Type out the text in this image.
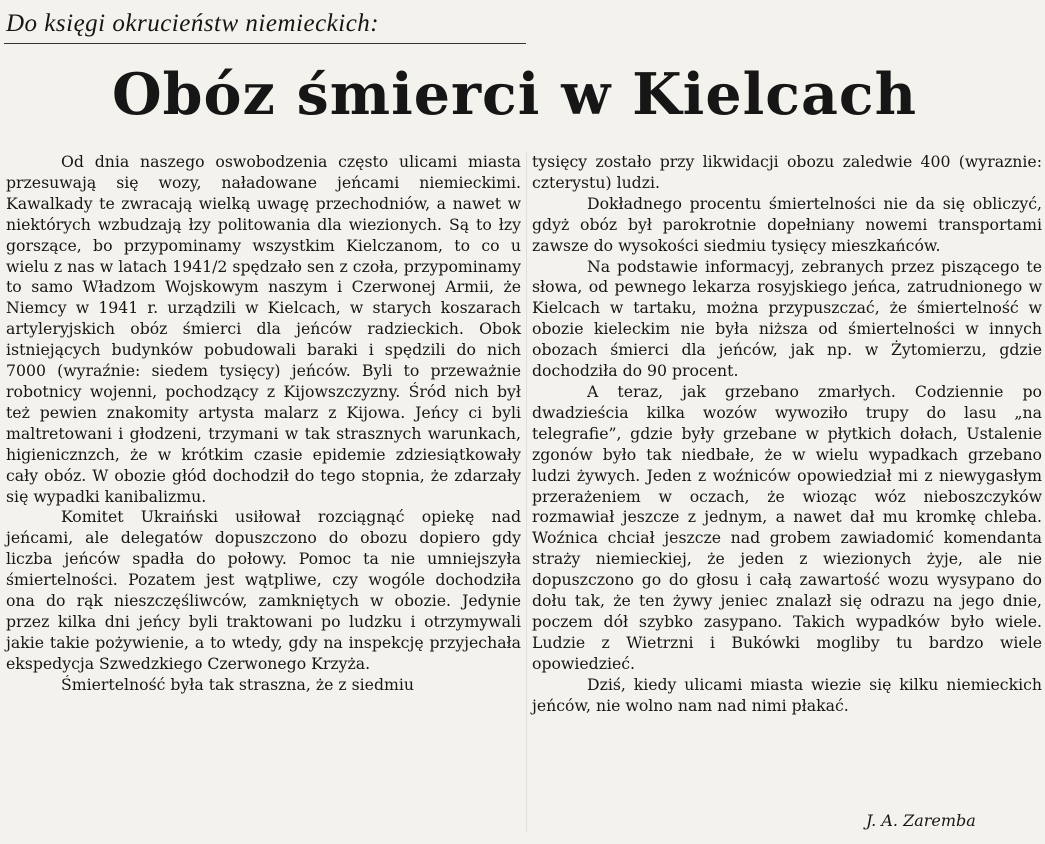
Do księgi okrucieństw niemieckich:
Obóz śmierci w Kielcach

Od dnia naszego oswobodzenia często ulicami miasta przesuwają się wozy, naładowane jeńcami niemieckimi. Kawalkady te zwracają wielką uwagę przechodniów, a nawet w niektórych wzbudzają łzy politowania dla wiezionych. Są to łzy gorszące, bo przypominamy wszystkim Kielczanom, to co u wielu z nas w latach 1941/2 spędzało sen z czoła, przypominamy to samo Władzom Wojskowym naszym i Czerwonej Armii, że Niemcy w 1941 r. urządzili w Kielcach, w starych koszarach artyleryjskich obóz śmierci dla jeńców radzieckich. Obok istniejących budynków pobudowali baraki i spędzili do nich 7000 (wyraźnie: siedem tysięcy) jeńców. Byli to przeważnie robotnicy wojenni, pochodzący z Kijowszczyzny. Śród nich był też pewien znakomity artysta malarz z Kijowa. Jeńcy ci byli maltretowani i głodzeni, trzymani w tak strasznych warunkach, higienicznzch, że w krótkim czasie epidemie zdziesiątkowały cały obóz. W obozie głód dochodził do tego stopnia, że zdarzały się wypadki kanibalizmu.

Komitet Ukraiński usiłował rozciągnąć opiekę nad jeńcami, ale delegatów dopuszczono do obozu dopiero gdy liczba jeńców spadła do połowy. Pomoc ta nie umniejszyła śmiertelności. Pozatem jest wątpliwe, czy wogóle dochodziła ona do rąk nieszczęśliwców, zamkniętych w obozie. Jedynie przez kilka dni jeńcy byli traktowani po ludzku i otrzymywali jakie takie pożywienie, a to wtedy, gdy na inspekcję przyjechała ekspedycja Szwedzkiego Czerwonego Krzyża.

Śmiertelność była tak straszna, że z siedmiu

tysięcy zostało przy likwidacji obozu zaledwie 400 (wyraznie: czterystu) ludzi.

Dokładnego procentu śmiertelności nie da się obliczyć, gdyż obóz był parokrotnie dopełniany nowemi transportami zawsze do wysokości siedmiu tysięcy mieszkańców.

Na podstawie informacyj, zebranych przez piszącego te słowa, od pewnego lekarza rosyjskiego jeńca, zatrudnionego w Kielcach w tartaku, można przypuszczać, że śmiertelność w obozie kieleckim nie była niższa od śmiertelności w innych obozach śmierci dla jeńców, jak np. w Żytomierzu, gdzie dochodziła do 90 procent.

A teraz, jak grzebano zmarłych. Codziennie po dwadzieścia kilka wozów wywoziło trupy do lasu „na telegrafie”, gdzie były grzebane w płytkich dołach, Ustalenie zgonów było tak niedbałe, że w wielu wypadkach grzebano ludzi żywych. Jeden z woźniców opowiedział mi z niewygasłym przerażeniem w oczach, że wioząc wóz nieboszczyków rozmawiał jeszcze z jednym, a nawet dał mu kromkę chleba. Woźnica chciał jeszcze nad grobem zawiadomić komendanta straży niemieckiej, że jeden z wiezionych żyje, ale nie dopuszczono go do głosu i całą zawartość wozu wysypano do dołu tak, że ten żywy jeniec znalazł się odrazu na jego dnie, poczem dół szybko zasypano. Takich wypadków było wiele. Ludzie z Wietrzni i Bukówki mogliby tu bardzo wiele opowiedzieć.

Dziś, kiedy ulicami miasta wiezie się kilku niemieckich jeńców, nie wolno nam nad nimi płakać.

J. A. Zaremba
